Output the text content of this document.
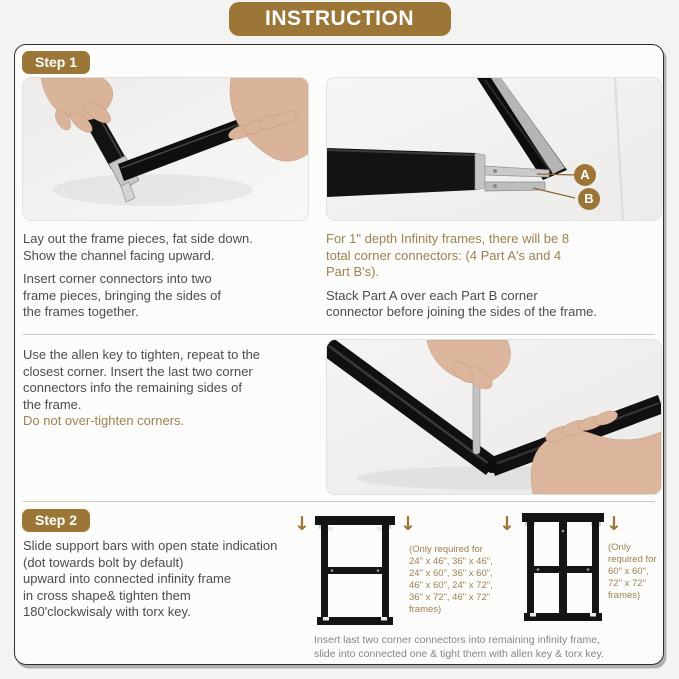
INSTRUCTION
Step 1
A
B
Lay out the frame pieces, fat side down.
Show the channel facing upward.
Insert corner connectors into two
frame pieces, bringing the sides of
the frames together.
For 1" depth Infinity frames, there will be 8
total corner connectors: (4 Part A's and 4
Part B's).
Stack Part A over each Part B corner
connector before joining the sides of the frame.
Use the allen key to tighten, repeat to the
closest corner. Insert the last two corner
connectors info the remaining sides of
the frame.
Do not over-tighten corners.
Step 2
Slide support bars with open state indication
(dot towards bolt by default)
upward into connected infinity frame
in cross shape& tighten them
180'clockwisaly with torx key.
↓	↓	↓	↓
(Only required for
24" x 46", 36" x 46",
24" x 60", 36" x 60",
46" x 60", 24" x 72",
36" x 72", 46" x 72"
frames)
(Only
required for
60" x 60",
72" x 72"
frames)
Insert last two corner connectors into remaining infinity frame,
slide into connected one & tight them with allen key & torx key.
